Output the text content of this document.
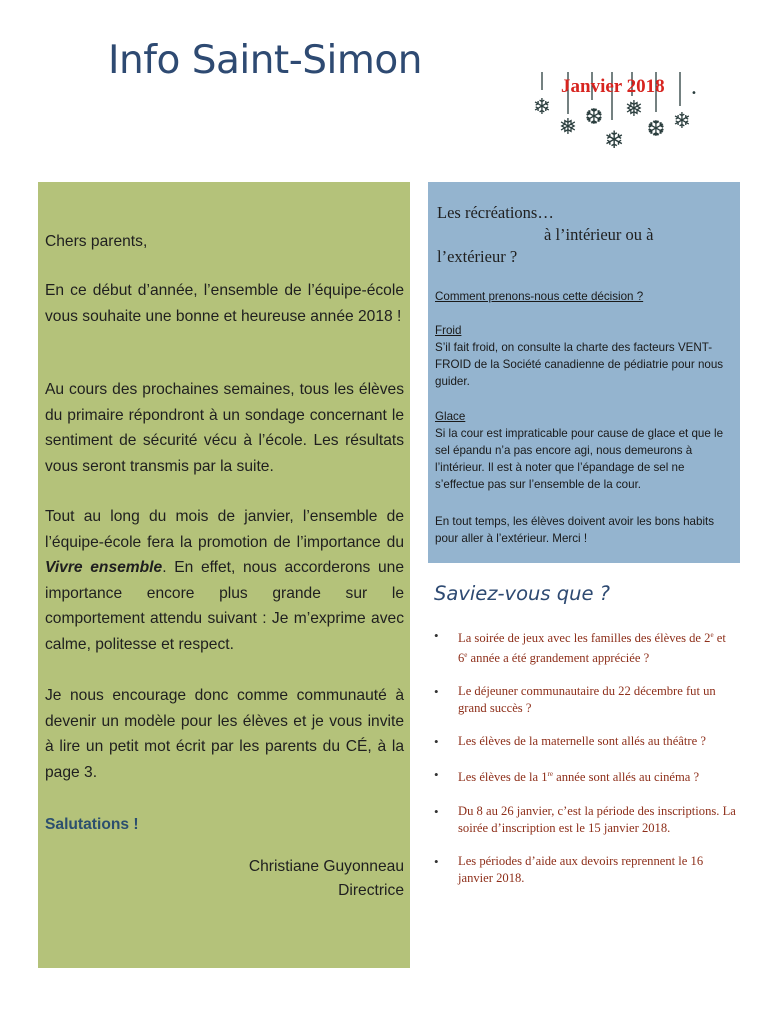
Info Saint-Simon
❄
❅ ❆
❄
❅
❆ ❄
•
Janvier 2018

Chers parents,

En ce début d’année, l’ensemble de l’équipe-école vous souhaite une bonne et heureuse année 2018 !

Au cours des prochaines semaines, tous les élèves du primaire répondront à un sondage concernant le sentiment de sécurité vécu à l’école. Les résultats vous seront transmis par la suite.

Tout au long du mois de janvier, l’ensemble de l’équipe-école fera la promotion de l’importance du Vivre ensemble. En effet, nous accorderons une importance encore plus grande sur le comportement attendu suivant : Je m’exprime avec calme, politesse et respect.

Je nous encourage donc comme communauté à devenir un modèle pour les élèves et je vous invite à lire un petit mot écrit par les parents du CÉ, à la page 3.

Salutations !

Christiane Guyonneau
Directrice

Les récréations…
à l’intérieur ou à
l’extérieur ?
Comment prenons-nous cette décision ?
Froid
S’il fait froid, on consulte la charte des facteurs VENT-FROID de la Société canadienne de pédiatrie pour nous guider.
Glace
Si la cour est impraticable pour cause de glace et que le sel épandu n’a pas encore agi, nous demeurons à l’intérieur. Il est à noter que l’épandage de sel ne s’effectue pas sur l’ensemble de la cour.
En tout temps, les élèves doivent avoir les bons habits pour aller à l’extérieur. Merci !
Saviez-vous que ?
• La soirée de jeux avec les familles des élèves de 2e et 6e année a été grandement appréciée ?
• Le déjeuner communautaire du 22 décembre fut un grand succès ?
• Les élèves de la maternelle sont allés au théâtre ?
• Les élèves de la 1re année sont allés au cinéma ?
• Du 8 au 26 janvier, c’est la période des inscriptions. La soirée d’inscription est le 15 janvier 2018.
• Les périodes d’aide aux devoirs reprennent le 16 janvier 2018.
